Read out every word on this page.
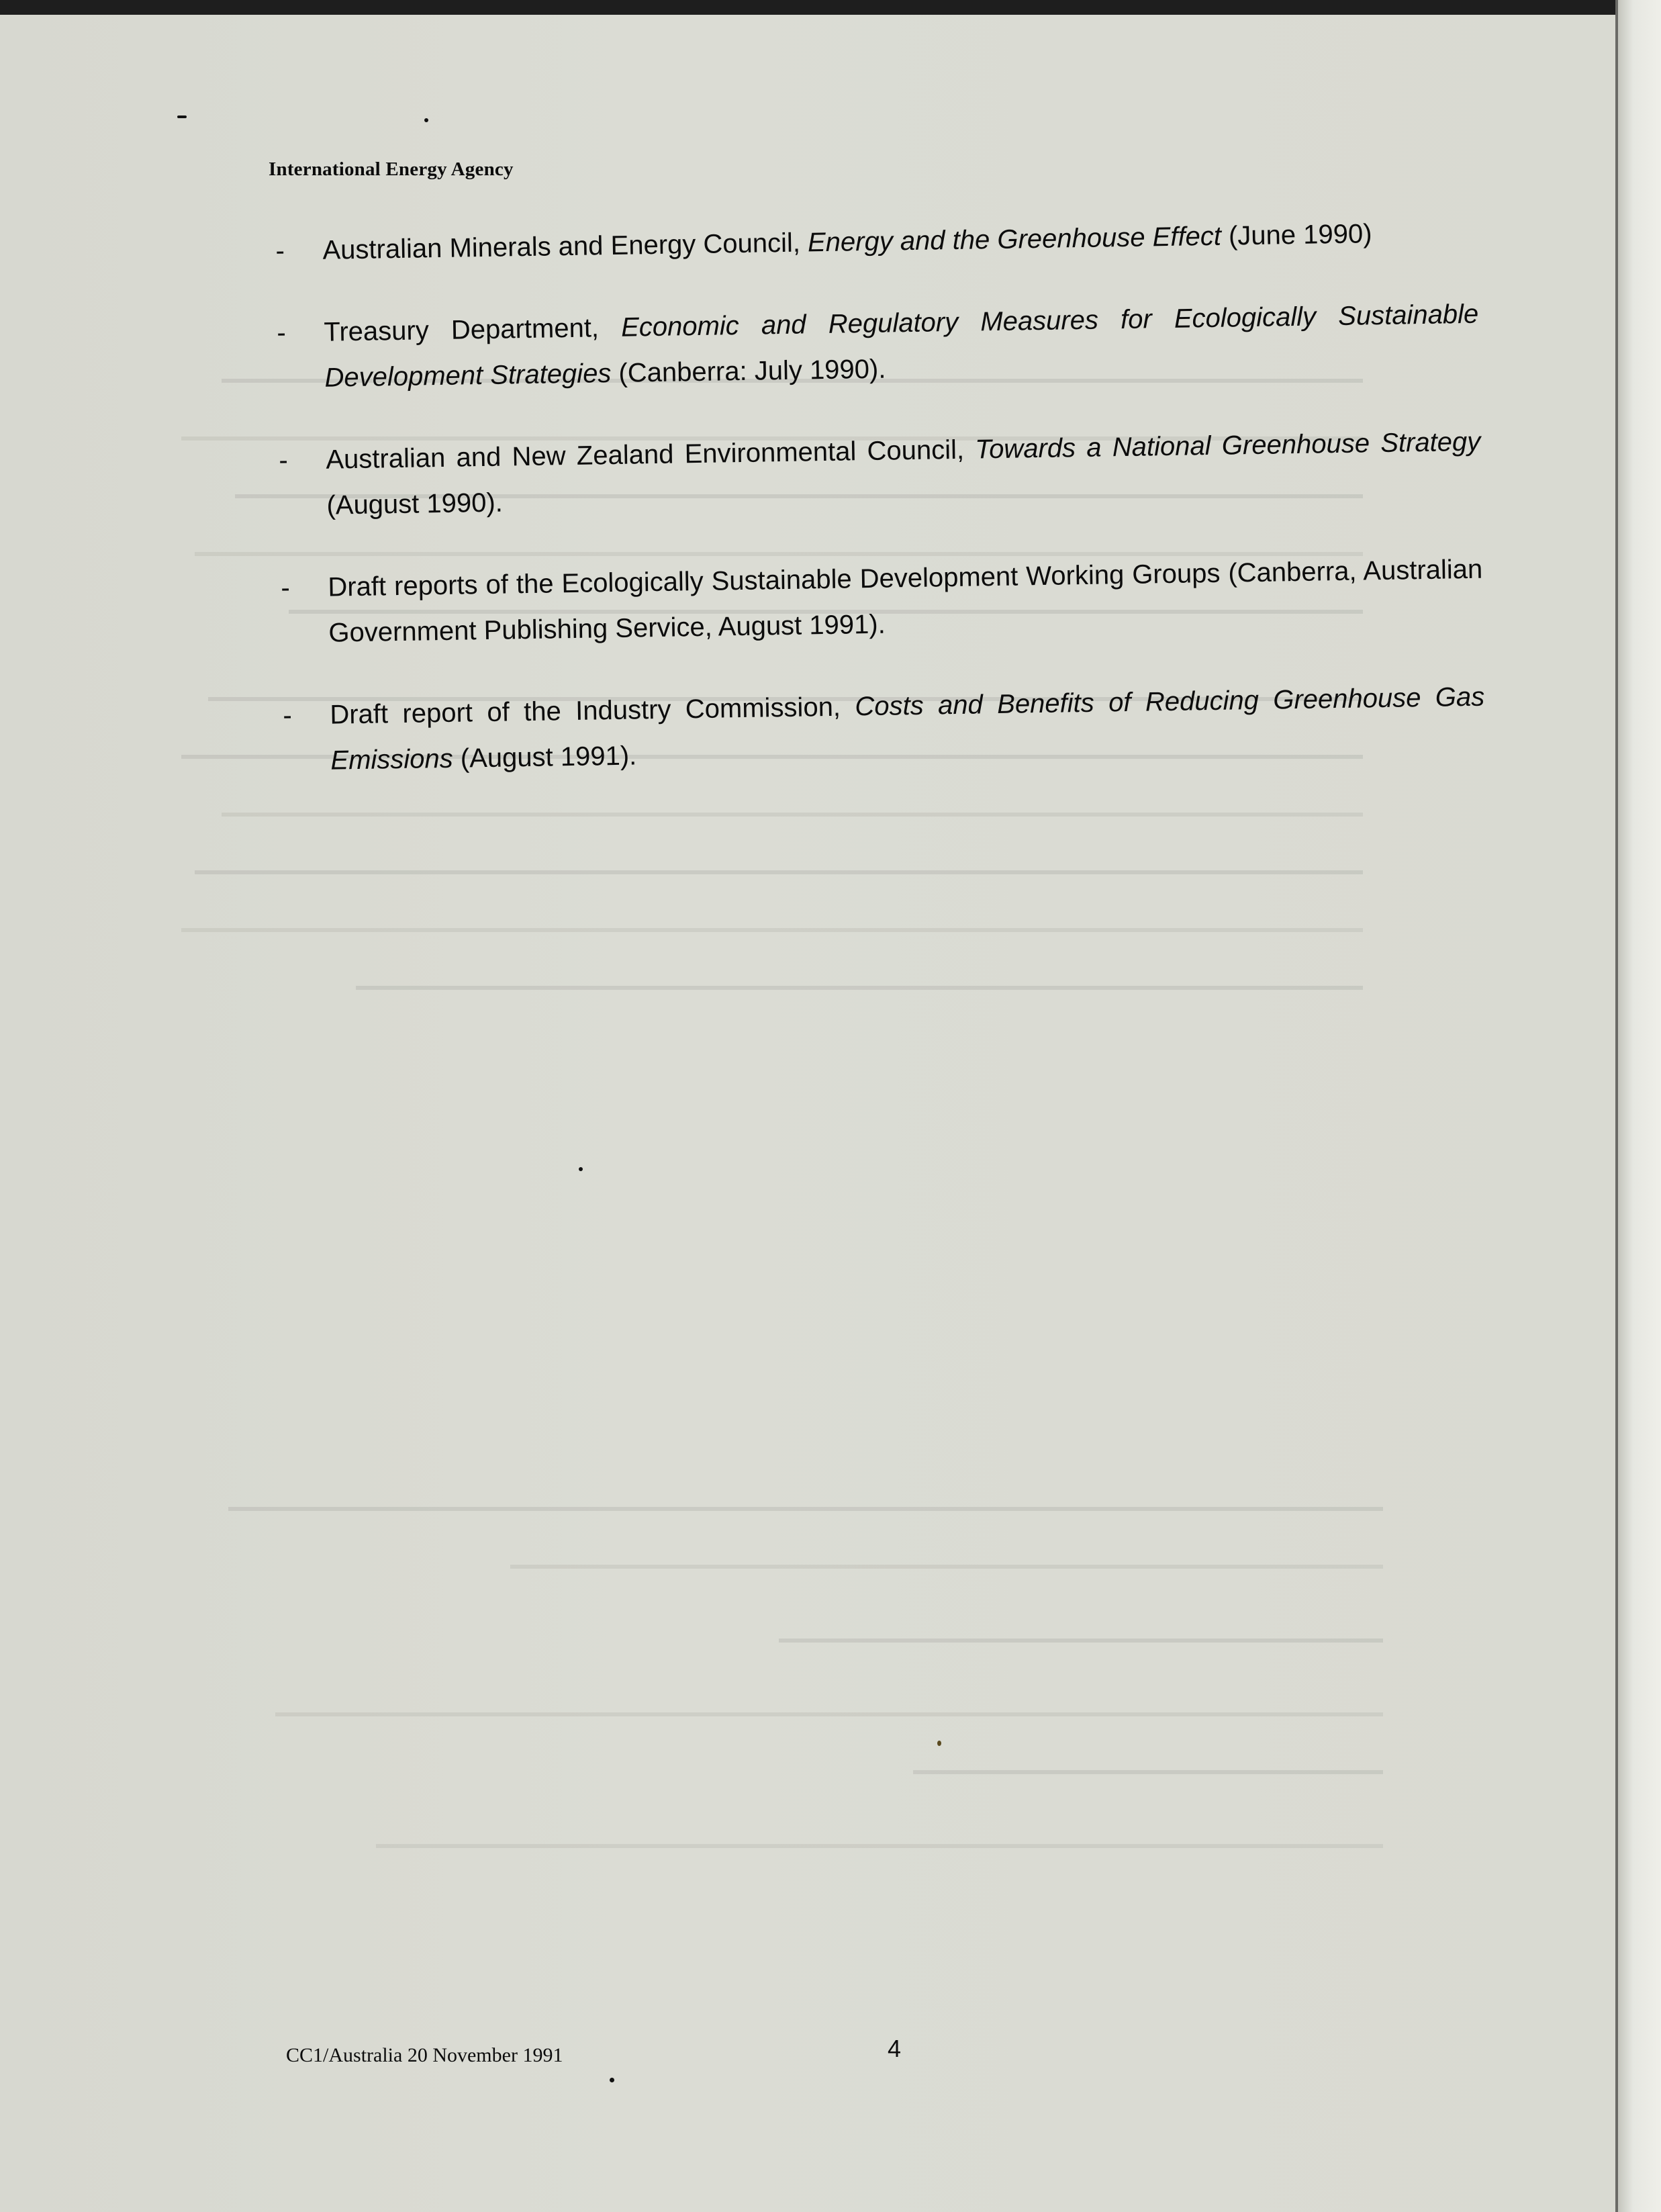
International Energy Agency
- Australian Minerals and Energy Council, Energy and the Greenhouse Effect (June 1990)
- Treasury Department, Economic and Regulatory Measures for Ecologically Sustainable Development Strategies (Canberra: July 1990).
- Australian and New Zealand Environmental Council, Towards a National Greenhouse Strategy (August 1990).
- Draft reports of the Ecologically Sustainable Development Working Groups (Canberra, Australian Government Publishing Service, August 1991).
- Draft report of the Industry Commission, Costs and Benefits of Reducing Greenhouse Gas Emissions (August 1991).
CC1/Australia 20 November 1991	4
